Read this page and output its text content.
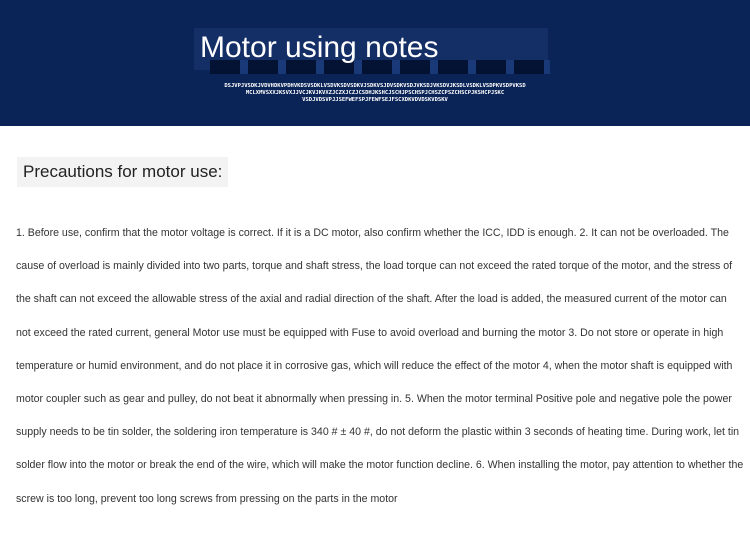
Motor using notes
DSJVPJVSDKJVDVHDKVPDHVKDSVSDKLVSDVKSDVSDKVJSDKVSJDVSDKVSDJVKSDJVKSDVJKSDLVSDKLVSDPKVSDPVKSD
MCLXMVSXXJKSVXJJVCJKVJKVXZJCZXJCZJCSDHJKSHCJSCHJPSCHSPJCHSZCPSZCHSCPJKSHCPJSKC
VSDJVDSVPJJSEFWEFSPJFEWFSEJFSCXDKVDVDSKVDSKV
Precautions for motor use:
1. Before use, confirm that the motor voltage is correct. If it is a DC motor, also confirm whether the ICC, IDD is enough. 2. It can not be overloaded. The cause of overload is mainly divided into two parts, torque and shaft stress, the load torque can not exceed the rated torque of the motor, and the stress of the shaft can not exceed the allowable stress of the axial and radial direction of the shaft. After the load is added, the measured current of the motor can not exceed the rated current, general Motor use must be equipped with Fuse to avoid overload and burning the motor 3. Do not store or operate in high temperature or humid environment, and do not place it in corrosive gas, which will reduce the effect of the motor 4, when the motor shaft is equipped with motor coupler such as gear and pulley, do not beat it abnormally when pressing in. 5. When the motor terminal Positive pole and negative pole the power supply needs to be tin solder, the soldering iron temperature is 340 # ± 40 #, do not deform the plastic within 3 seconds of heating time. During work, let tin solder flow into the motor or break the end of the wire, which will make the motor function decline. 6. When installing the motor, pay attention to whether the screw is too long, prevent too long screws from pressing on the parts in the motor
